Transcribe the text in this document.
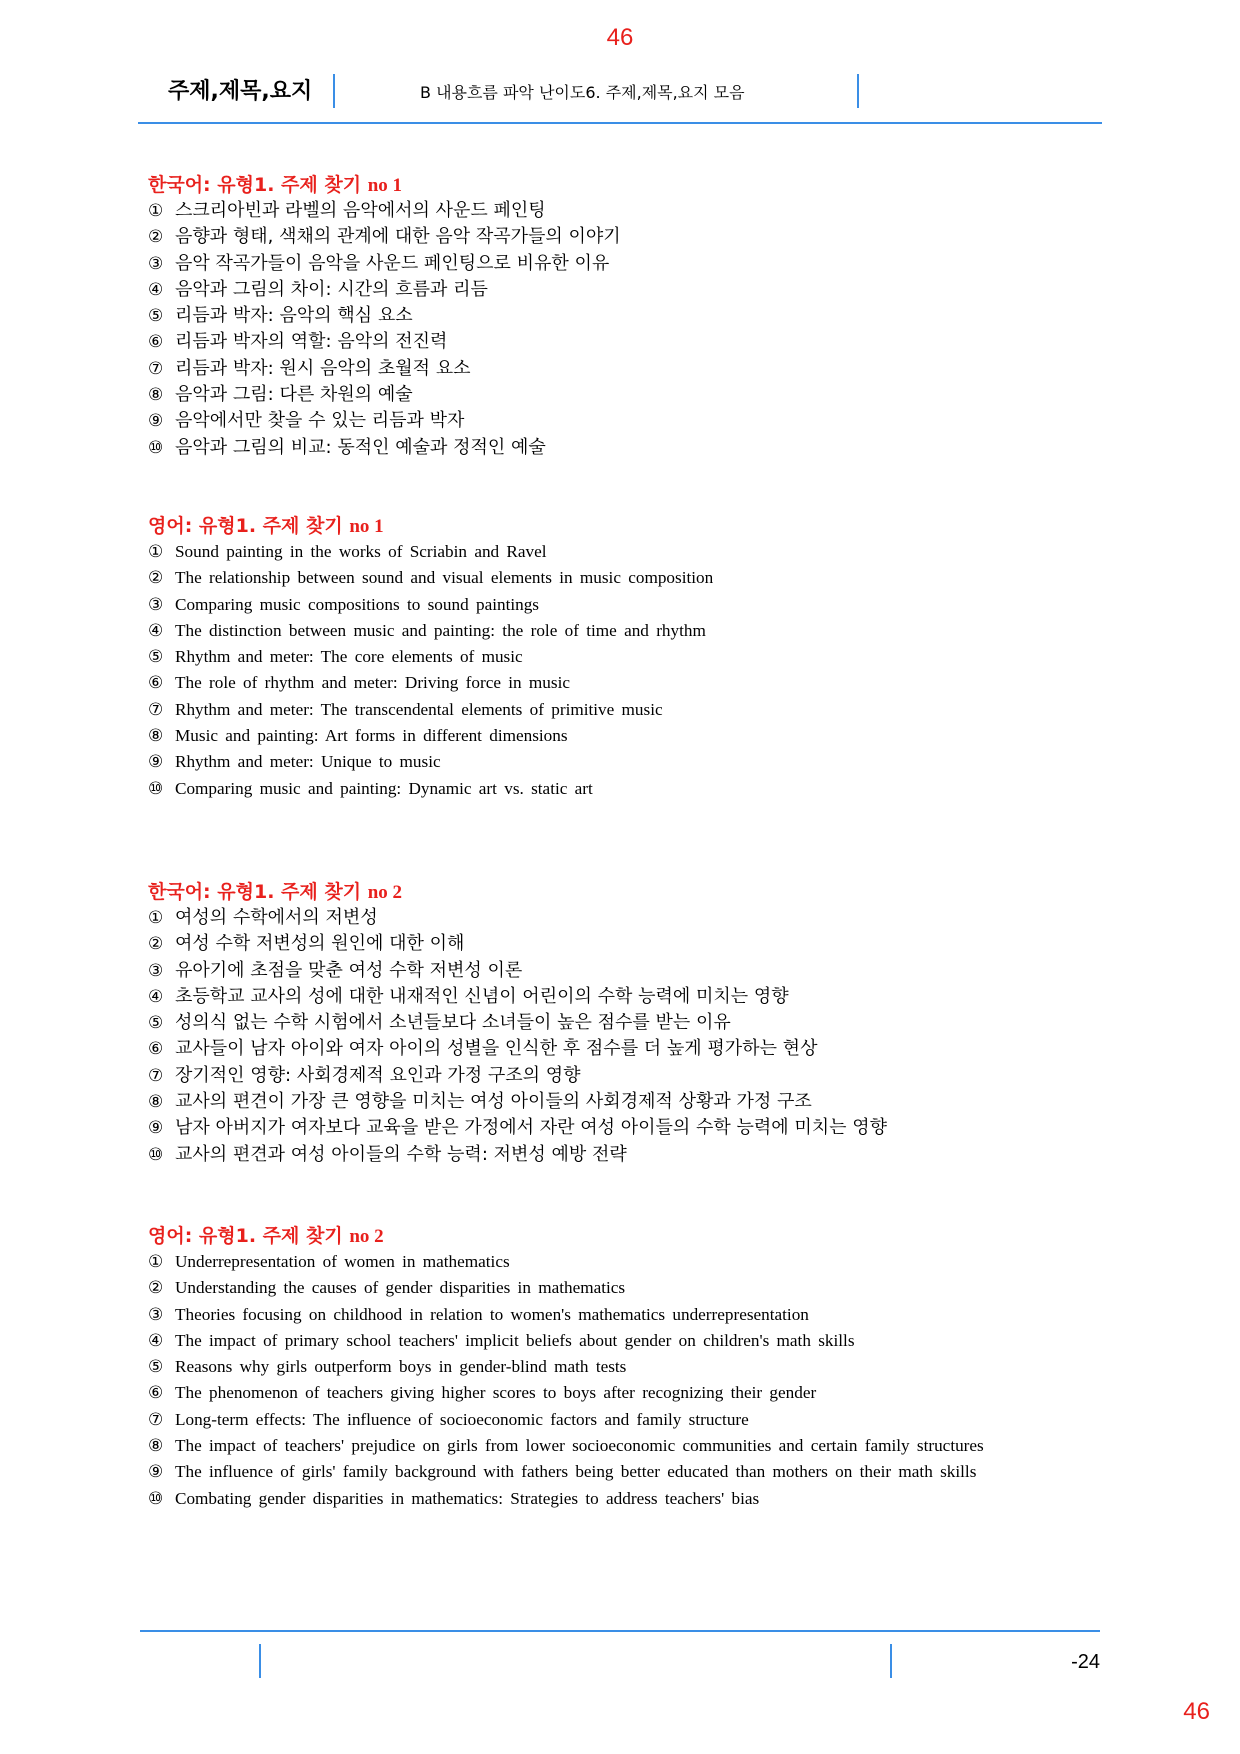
46
주제,제목,요지	B 내용흐름 파악 난이도6. 주제,제목,요지 모음
한국어: 유형1. 주제 찾기 no 1
① 스크리아빈과 라벨의 음악에서의 사운드 페인팅
② 음향과 형태, 색채의 관계에 대한 음악 작곡가들의 이야기
③ 음악 작곡가들이 음악을 사운드 페인팅으로 비유한 이유
④ 음악과 그림의 차이: 시간의 흐름과 리듬
⑤ 리듬과 박자: 음악의 핵심 요소
⑥ 리듬과 박자의 역할: 음악의 전진력
⑦ 리듬과 박자: 원시 음악의 초월적 요소
⑧ 음악과 그림: 다른 차원의 예술
⑨ 음악에서만 찾을 수 있는 리듬과 박자
⑩ 음악과 그림의 비교: 동적인 예술과 정적인 예술
영어: 유형1. 주제 찾기 no 1
① Sound painting in the works of Scriabin and Ravel
② The relationship between sound and visual elements in music composition
③ Comparing music compositions to sound paintings
④ The distinction between music and painting: the role of time and rhythm
⑤ Rhythm and meter: The core elements of music
⑥ The role of rhythm and meter: Driving force in music
⑦ Rhythm and meter: The transcendental elements of primitive music
⑧ Music and painting: Art forms in different dimensions
⑨ Rhythm and meter: Unique to music
⑩ Comparing music and painting: Dynamic art vs. static art
한국어: 유형1. 주제 찾기 no 2
① 여성의 수학에서의 저변성
② 여성 수학 저변성의 원인에 대한 이해
③ 유아기에 초점을 맞춘 여성 수학 저변성 이론
④ 초등학교 교사의 성에 대한 내재적인 신념이 어린이의 수학 능력에 미치는 영향
⑤ 성의식 없는 수학 시험에서 소년들보다 소녀들이 높은 점수를 받는 이유
⑥ 교사들이 남자 아이와 여자 아이의 성별을 인식한 후 점수를 더 높게 평가하는 현상
⑦ 장기적인 영향: 사회경제적 요인과 가정 구조의 영향
⑧ 교사의 편견이 가장 큰 영향을 미치는 여성 아이들의 사회경제적 상황과 가정 구조
⑨ 남자 아버지가 여자보다 교육을 받은 가정에서 자란 여성 아이들의 수학 능력에 미치는 영향
⑩ 교사의 편견과 여성 아이들의 수학 능력: 저변성 예방 전략
영어: 유형1. 주제 찾기 no 2
① Underrepresentation of women in mathematics
② Understanding the causes of gender disparities in mathematics
③ Theories focusing on childhood in relation to women's mathematics underrepresentation
④ The impact of primary school teachers' implicit beliefs about gender on children's math skills
⑤ Reasons why girls outperform boys in gender-blind math tests
⑥ The phenomenon of teachers giving higher scores to boys after recognizing their gender
⑦ Long-term effects: The influence of socioeconomic factors and family structure
⑧ The impact of teachers' prejudice on girls from lower socioeconomic communities and certain family structures
⑨ The influence of girls' family background with fathers being better educated than mothers on their math skills
⑩ Combating gender disparities in mathematics: Strategies to address teachers' bias
-24
46
